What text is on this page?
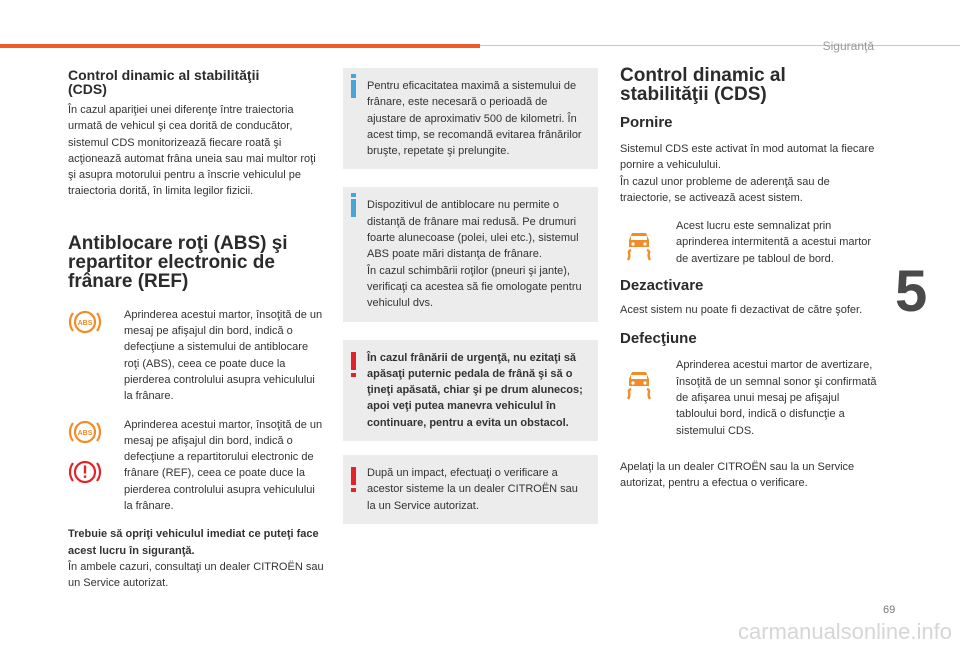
Siguranţă
5
Control dinamic al stabilităţii (CDS)
În cazul apariţiei unei diferenţe între traiectoria urmată de vehicul şi cea dorită de conducător, sistemul CDS monitorizează fiecare roată şi acţionează automat frâna uneia sau mai multor roţi şi asupra motorului pentru a înscrie vehiculul pe traiectoria dorită, în limita legilor fizicii.
Antiblocare roţi (ABS) şi repartitor electronic de frânare (REF)
ABS
Aprinderea acestui martor, însoţită de un mesaj pe afişajul din bord, indică o defecţiune a sistemului de antiblocare roţi (ABS), ceea ce poate duce la pierderea controlului asupra vehiculului la frânare.
ABS
Aprinderea acestui martor, însoţită de un mesaj pe afişajul din bord, indică o defecţiune a repartitorului electronic de frânare (REF), ceea ce poate duce la pierderea controlului asupra vehiculului la frânare.
Trebuie să opriţi vehiculul imediat ce puteţi face acest lucru în siguranţă.
În ambele cazuri, consultaţi un dealer CITROËN sau un Service autorizat.
Pentru eficacitatea maximă a sistemului de frânare, este necesară o perioadă de ajustare de aproximativ 500 de kilometri. În acest timp, se recomandă evitarea frânărilor bruşte, repetate şi prelungite.
Dispozitivul de antiblocare nu permite o distanţă de frânare mai redusă. Pe drumuri foarte alunecoase (polei, ulei etc.), sistemul ABS poate mări distanţa de frânare.
În cazul schimbării roţilor (pneuri şi jante), verificaţi ca acestea să fie omologate pentru vehiculul dvs.
În cazul frânării de urgenţă, nu ezitaţi să apăsaţi puternic pedala de frână şi să o ţineţi apăsată, chiar şi pe drum alunecos; apoi veţi putea manevra vehiculul în continuare, pentru a evita un obstacol.
După un impact, efectuaţi o verificare a acestor sisteme la un dealer CITROËN sau la un Service autorizat.
Control dinamic al stabilităţii (CDS)
Pornire
Sistemul CDS este activat în mod automat la fiecare pornire a vehiculului.
În cazul unor probleme de aderenţă sau de traiectorie, se activează acest sistem.
Acest lucru este semnalizat prin aprinderea intermitentă a acestui martor de avertizare pe tabloul de bord.
Dezactivare
Acest sistem nu poate fi dezactivat de către şofer.
Defecţiune
Aprinderea acestui martor de avertizare, însoţită de un semnal sonor şi confirmată de afişarea unui mesaj pe afişajul tabloului bord, indică o disfuncţie a sistemului CDS.
Apelaţi la un dealer CITROËN sau la un Service autorizat, pentru a efectua o verificare.
69
carmanualsonline.info
